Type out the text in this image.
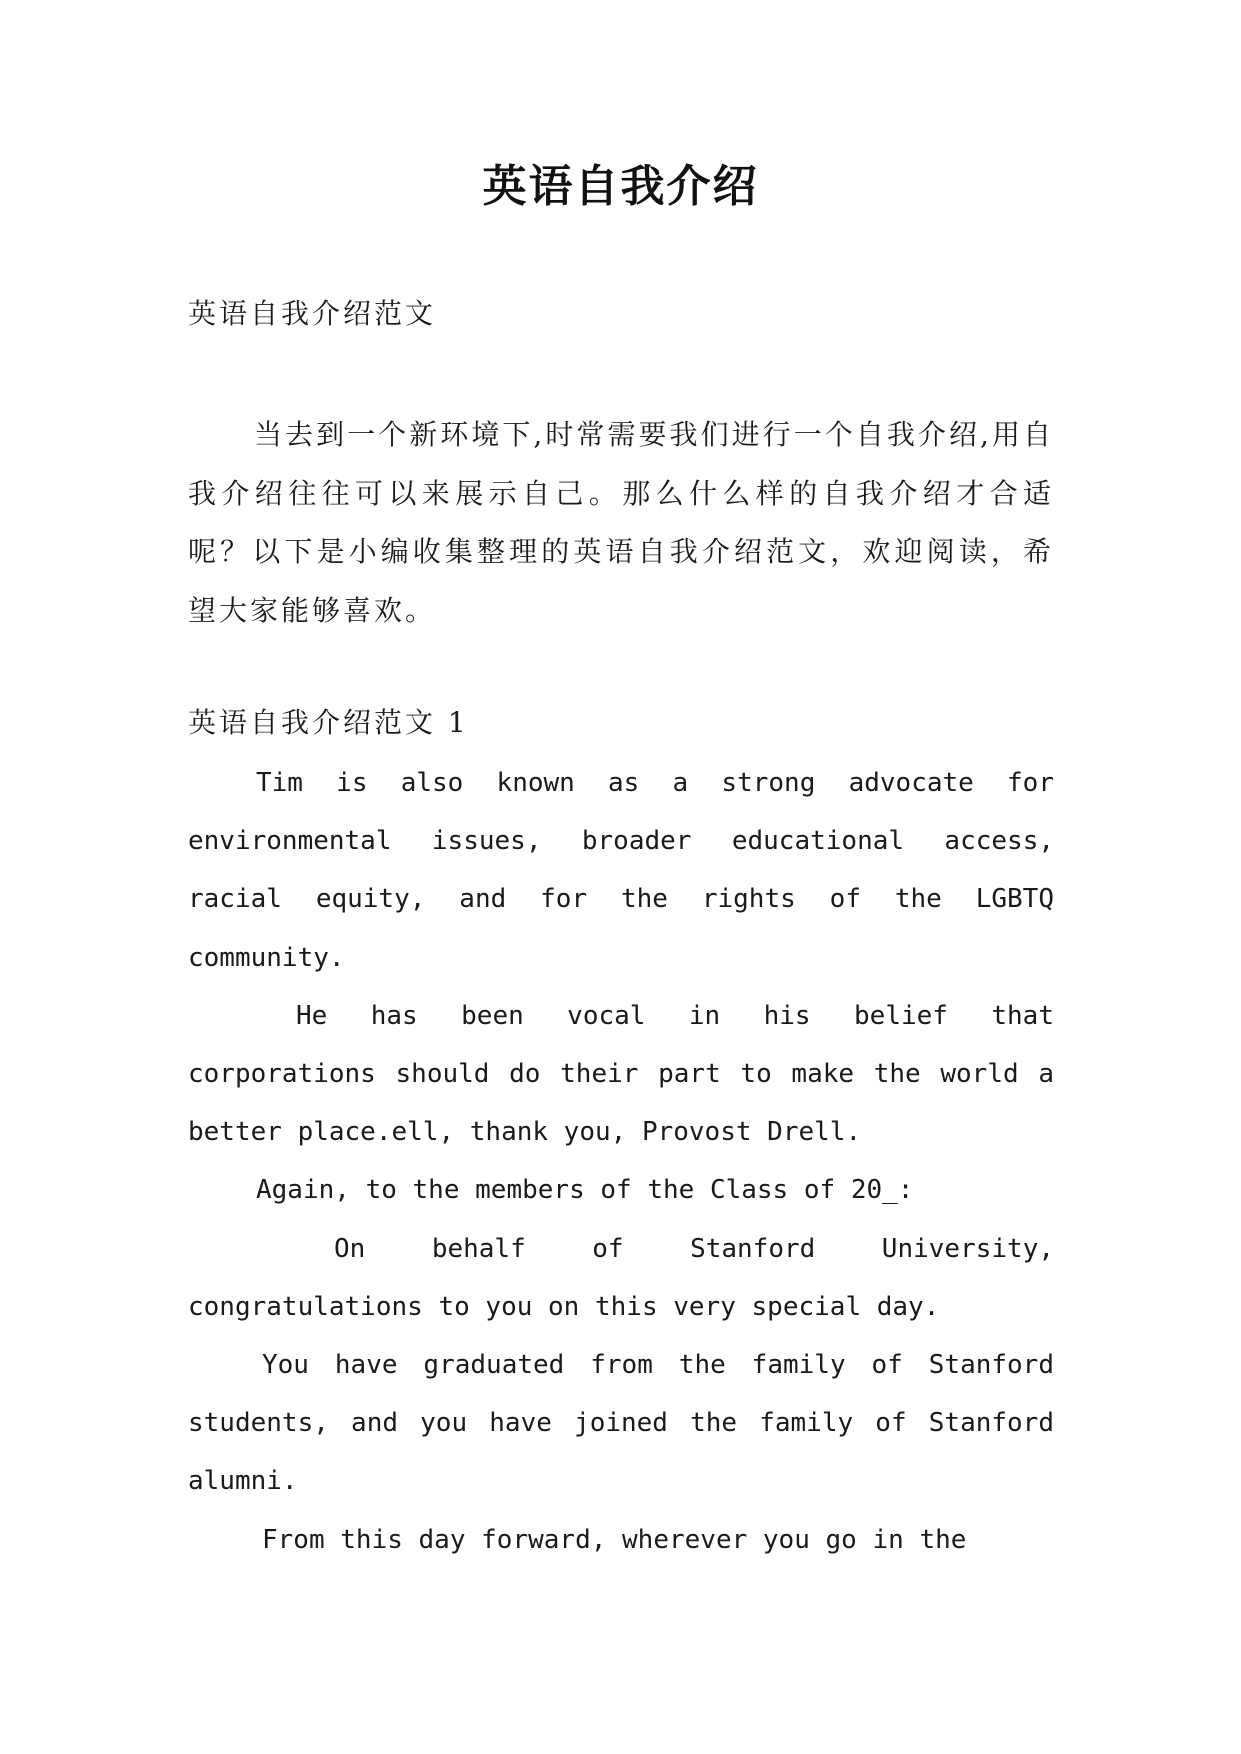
英语自我介绍
英语自我介绍范文
当去到一个新环境下,时常需要我们进行一个自我介绍,用自我介绍往往可以来展示自己。那么什么样的自我介绍才合适呢？以下是小编收集整理的英语自我介绍范文，欢迎阅读，希望大家能够喜欢。
英语自我介绍范文 1

Tim is also known as a strong advocate for environmental issues, broader educational access, racial equity, and for the rights of the LGBTQ community.

He has been vocal in his belief that corporations should do their part to make the world a better place.ell, thank you, Provost Drell.

Again, to the members of the Class of 20_:

On behalf of Stanford University, congratulations to you on this very special day.

You have graduated from the family of Stanford students, and you have joined the family of Stanford alumni.

From this day forward, wherever you go in the
